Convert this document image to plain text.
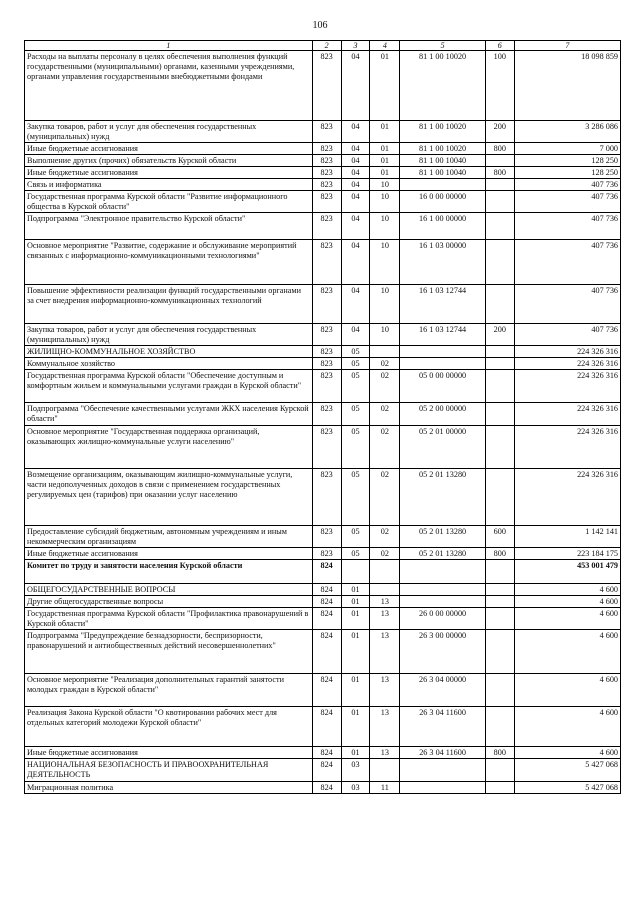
106
1	2	3	4	5	6	7
Расходы на выплаты персоналу в целях обеспечения выполнения функций государственными (муниципальными) органами, казенными учреждениями, органами управления государственными внебюджетными фондами	823	04	01	81 1 00 10020	100	18 098 859
Закупка товаров, работ и услуг для обеспечения государственных (муниципальных) нужд	823	04	01	81 1 00 10020	200	3 286 086
Иные бюджетные ассигнования	823	04	01	81 1 00 10020	800	7 000
Выполнение других (прочих) обязательств Курской области	823	04	01	81 1 00 10040		128 250
Иные бюджетные ассигнования	823	04	01	81 1 00 10040	800	128 250
Связь и информатика	823	04	10			407 736
Государственная программа Курской области "Развитие информационного общества в Курской области"	823	04	10	16 0 00 00000		407 736
Подпрограмма "Электронное правительство Курской области"	823	04	10	16 1 00 00000		407 736
Основное мероприятие "Развитие, содержание и обслуживание мероприятий связанных с информационно-коммуникационными технологиями"	823	04	10	16 1 03 00000		407 736
Повышение эффективности реализации функций государственными органами за счет внедрения информационно-коммуникационных технологий	823	04	10	16 1 03 12744		407 736
Закупка товаров, работ и услуг для обеспечения государственных (муниципальных) нужд	823	04	10	16 1 03 12744	200	407 736
ЖИЛИЩНО-КОММУНАЛЬНОЕ ХОЗЯЙСТВО	823	05				224 326 316
Коммунальное хозяйство	823	05	02			224 326 316
Государственная программа Курской области "Обеспечение доступным и комфортным жильем и коммунальными услугами граждан в Курской области"	823	05	02	05 0 00 00000		224 326 316
Подпрограмма "Обеспечение качественными услугами ЖКХ населения Курской области"	823	05	02	05 2 00 00000		224 326 316
Основное мероприятие "Государственная поддержка организаций, оказывающих жилищно-коммунальные услуги населению"	823	05	02	05 2 01 00000		224 326 316
Возмещение организациям, оказывающим жилищно-коммунальные услуги, части недополученных доходов в связи с применением государственных регулируемых цен (тарифов) при оказании услуг населению	823	05	02	05 2 01 13280		224 326 316
Предоставление субсидий бюджетным, автономным учреждениям и иным некоммерческим организациям	823	05	02	05 2 01 13280	600	1 142 141
Иные бюджетные ассигнования	823	05	02	05 2 01 13280	800	223 184 175
Комитет по труду и занятости населения Курской области	824					453 001 479
ОБЩЕГОСУДАРСТВЕННЫЕ ВОПРОСЫ	824	01				4 600
Другие общегосударственные вопросы	824	01	13			4 600
Государственная программа Курской области "Профилактика правонарушений в Курской области"	824	01	13	26 0 00 00000		4 600
Подпрограмма "Предупреждение безнадзорности, беспризорности, правонарушений и антиобщественных действий несовершеннолетних"	824	01	13	26 3 00 00000		4 600
Основное мероприятие "Реализация дополнительных гарантий занятости молодых граждан в Курской области"	824	01	13	26 3 04 00000		4 600
Реализация Закона Курской области "О квотировании рабочих мест для отдельных категорий молодежи Курской области"	824	01	13	26 3 04 11600		4 600
Иные бюджетные ассигнования	824	01	13	26 3 04 11600	800	4 600
НАЦИОНАЛЬНАЯ БЕЗОПАСНОСТЬ И ПРАВООХРАНИТЕЛЬНАЯ ДЕЯТЕЛЬНОСТЬ	824	03				5 427 068
Миграционная политика	824	03	11			5 427 068
